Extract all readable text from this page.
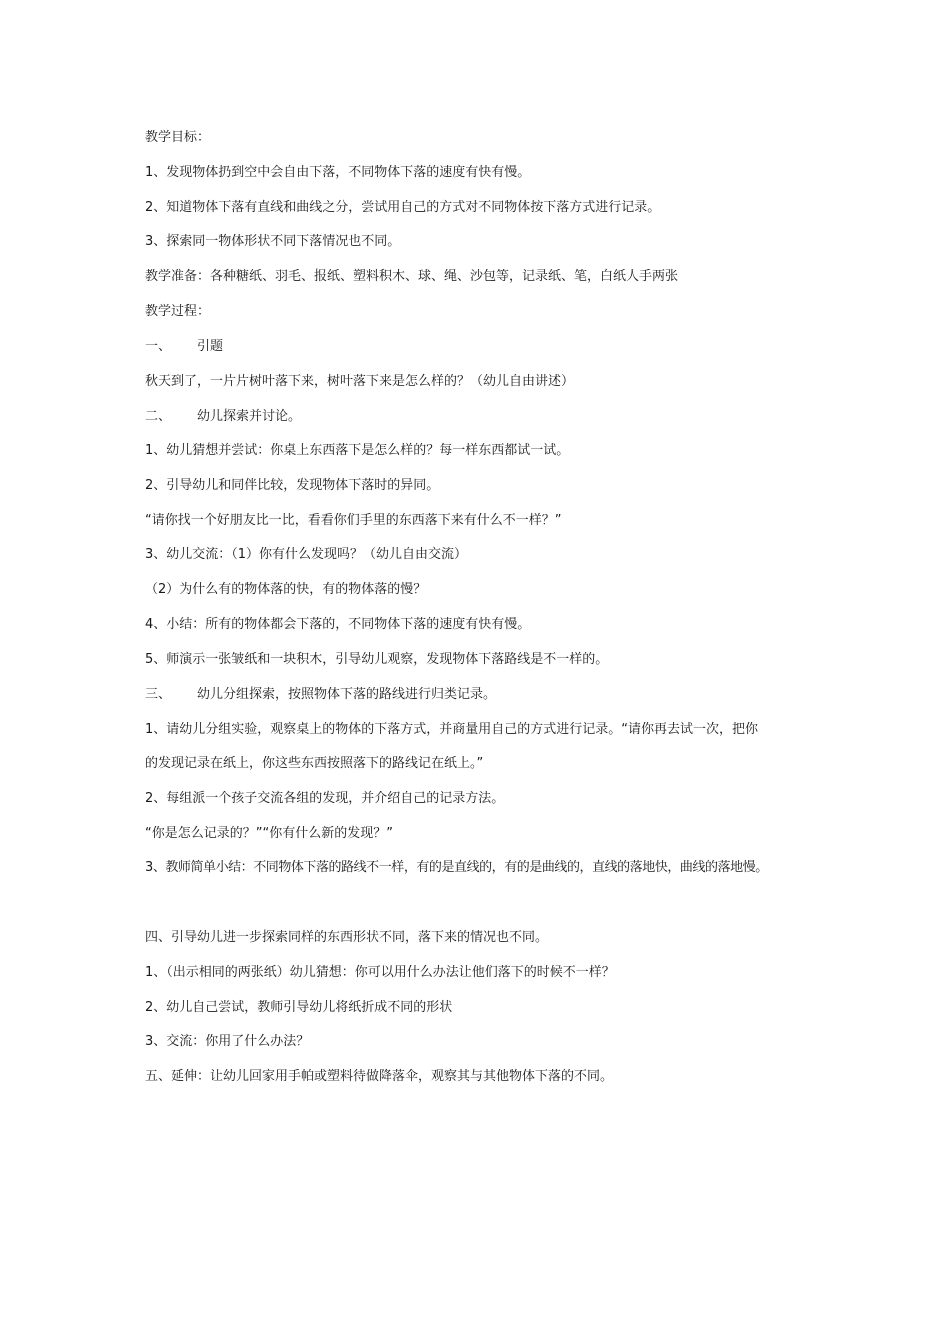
教学目标：
1、发现物体扔到空中会自由下落，不同物体下落的速度有快有慢。
2、知道物体下落有直线和曲线之分，尝试用自己的方式对不同物体按下落方式进行记录。
3、探索同一物体形状不同下落情况也不同。
教学准备：各种糖纸、羽毛、报纸、塑料积木、球、绳、沙包等，记录纸、笔，白纸人手两张
教学过程：
一、 引题
秋天到了，一片片树叶落下来，树叶落下来是怎么样的？（幼儿自由讲述）
二、 幼儿探索并讨论。
1、幼儿猜想并尝试：你桌上东西落下是怎么样的？每一样东西都试一试。
2、引导幼儿和同伴比较，发现物体下落时的异同。
“请你找一个好朋友比一比，看看你们手里的东西落下来有什么不一样？”
3、幼儿交流：（1）你有什么发现吗？（幼儿自由交流）
（2）为什么有的物体落的快，有的物体落的慢？
4、小结：所有的物体都会下落的，不同物体下落的速度有快有慢。
5、师演示一张皱纸和一块积木，引导幼儿观察，发现物体下落路线是不一样的。
三、 幼儿分组探索，按照物体下落的路线进行归类记录。
1、请幼儿分组实验，观察桌上的物体的下落方式，并商量用自己的方式进行记录。“请你再去试一次，把你
的发现记录在纸上，你这些东西按照落下的路线记在纸上。”
2、每组派一个孩子交流各组的发现，并介绍自己的记录方法。
“你是怎么记录的？”“你有什么新的发现？”
3、教师简单小结：不同物体下落的路线不一样，有的是直线的，有的是曲线的，直线的落地快，曲线的落地慢。
四、引导幼儿进一步探索同样的东西形状不同，落下来的情况也不同。
1、（出示相同的两张纸）幼儿猜想：你可以用什么办法让他们落下的时候不一样？
2、幼儿自己尝试，教师引导幼儿将纸折成不同的形状
3、交流：你用了什么办法？
五、延伸：让幼儿回家用手帕或塑料待做降落伞，观察其与其他物体下落的不同。
